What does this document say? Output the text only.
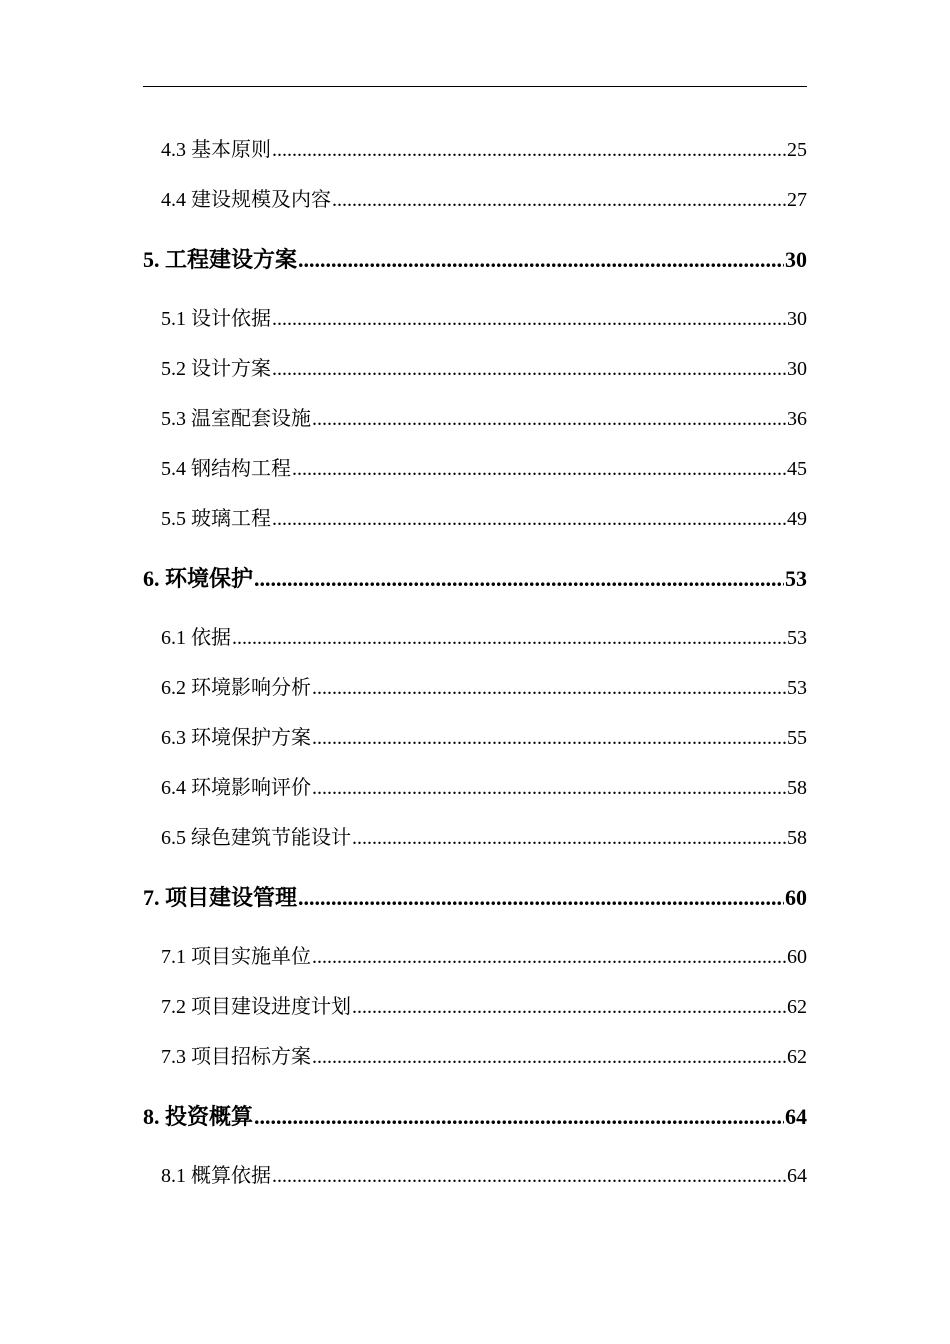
4.3 基本原则 .....	25
4.4 建设规模及内容 .....	27
5. 工程建设方案 .....	30
5.1 设计依据 .....	30
5.2 设计方案 .....	30
5.3 温室配套设施 .....	36
5.4 钢结构工程 .....	45
5.5 玻璃工程 .....	49
6. 环境保护 .....	53
6.1 依据 .....	53
6.2 环境影响分析 .....	53
6.3 环境保护方案 .....	55
6.4 环境影响评价 .....	58
6.5 绿色建筑节能设计 .....	58
7. 项目建设管理 .....	60
7.1 项目实施单位 .....	60
7.2 项目建设进度计划 .....	62
7.3 项目招标方案 .....	62
8. 投资概算 .....	64
8.1 概算依据 .....	64
